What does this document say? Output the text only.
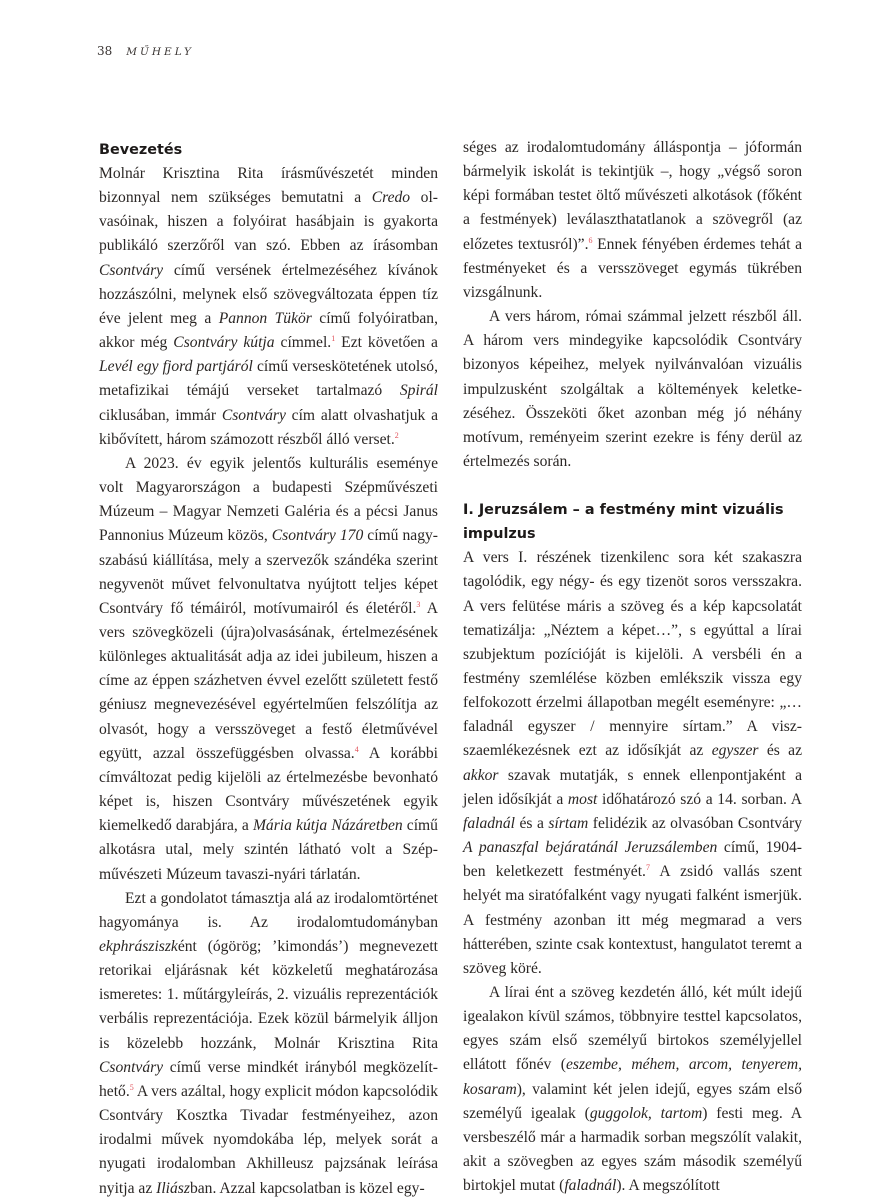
38 MŰHELY
Bevezetés

Molnár Krisztina Rita írásművészetét minden bizonnyal nem szükséges bemutatni a Credo olvasóinak, hiszen a folyóirat hasábjain is gyakorta publikáló szerzőről van szó. Ebben az írásomban Csontváry című versének értelmezéséhez kívánok hozzászólni, melynek első szövegváltozata éppen tíz éve jelent meg a Pannon Tükör című folyóiratban, akkor még Csontváry kútja címmel.$^1$ Ezt követően a Levél egy fjord partjáról című verseskötetének utolsó, metafizikai témájú verseket tartalmazó Spirál ciklusában, immár Csontváry cím alatt olvashatjuk a kibővített, három számozott részből álló verset.$^2$

A 2023. év egyik jelentős kulturális eseménye volt Magyarországon a budapesti Szépművészeti Múzeum – Magyar Nemzeti Galéria és a pécsi Janus Pannonius Múzeum közös, Csontváry 170 című nagyszabású kiállítása, mely a szervezők szándéka szerint negyvenöt művet felvonultatva nyújtott teljes képet Csontváry fő témáiról, motívumairól és életéről.$^3$ A vers szövegközeli (újra)olvasásának, értelmezésének különleges aktualitását adja az idei jubileum, hiszen a címe az éppen százhetven évvel ezelőtt született festő géniusz megnevezésével egyértelműen felszólítja az olvasót, hogy a versszöveget a festő életművével együtt, azzal összefüggésben olvassa.$^4$ A korábbi címváltozat pedig kijelöli az értelmezésbe bevonható képet is, hiszen Csontváry művészetének egyik kiemelkedő darabjára, a Mária kútja Názáretben című alkotásra utal, mely szintén látható volt a Szépművészeti Múzeum tavaszi-nyári tárlatán.

Ezt a gondolatot támasztja alá az irodalomtörténet hagyománya is. Az irodalomtudományban ekphrásziszként (ógörög; ’kimondás’) megnevezett retorikai eljárásnak két közkeletű meghatározása ismeretes: 1. műtárgyleírás, 2. vizuális reprezentációk verbális reprezentációja. Ezek közül bármelyik álljon is közelebb hozzánk, Molnár Krisztina Rita Csontváry című verse mindkét irányból megközelíthető.$^5$ A vers azáltal, hogy explicit módon kapcsolódik Csontváry Kosztka Tivadar festményeihez, azon irodalmi művek nyomdokába lép, melyek sorát a nyugati irodalomban Akhilleusz pajzsának leírása nyitja az Iliászban. Azzal kapcsolatban is közel egy-

séges az irodalomtudomány álláspontja – jóformán bármelyik iskolát is tekintjük –, hogy „végső soron képi formában testet öltő művészeti alkotások (főként a festmények) leválaszthatatlanok a szövegről (az előzetes textusról)”.$^6$ Ennek fényében érdemes tehát a festményeket és a versszöveget egymás tükrében vizsgálnunk.

A vers három, római számmal jelzett részből áll. A három vers mindegyike kapcsolódik Csontváry bizonyos képeihez, melyek nyilvánvalóan vizuális impulzusként szolgáltak a költemények keletkezéséhez. Összeköti őket azonban még jó néhány motívum, reményeim szerint ezekre is fény derül az értelmezés során.

I. Jeruzsálem – a festmény mint vizuális impulzus

A vers I. részének tizenkilenc sora két szakaszra tagolódik, egy négy- és egy tizenöt soros versszakra. A vers felütése máris a szöveg és a kép kapcsolatát tematizálja: „Néztem a képet…”, s egyúttal a lírai szubjektum pozícióját is kijelöli. A versbéli én a festmény szemlélése közben emlékszik vissza egy felfokozott érzelmi állapotban megélt eseményre: „…faladnál egyszer / mennyire sírtam.” A viszszaemlékezésnek ezt az idősíkját az egyszer és az akkor szavak mutatják, s ennek ellenpontjaként a jelen idősíkját a most időhatározó szó a 14. sorban. A faladnál és a sírtam felidézik az olvasóban Csontváry A panaszfal bejáratánál Jeruzsálemben című, 1904-ben keletkezett festményét.$^7$ A zsidó vallás szent helyét ma siratófalként vagy nyugati falként ismerjük. A festmény azonban itt még megmarad a vers hátterében, szinte csak kontextust, hangulatot teremt a szöveg köré.

A lírai ént a szöveg kezdetén álló, két múlt idejű igealakon kívül számos, többnyire testtel kapcsolatos, egyes szám első személyű birtokos személyjellel ellátott főnév (eszembe, méhem, arcom, tenyerem, kosaram), valamint két jelen idejű, egyes szám első személyű igealak (guggolok, tartom) festi meg. A versbeszélő már a harmadik sorban megszólít valakit, akit a szövegben az egyes szám második személyű birtokjel mutat (faladnál). A megszólított
